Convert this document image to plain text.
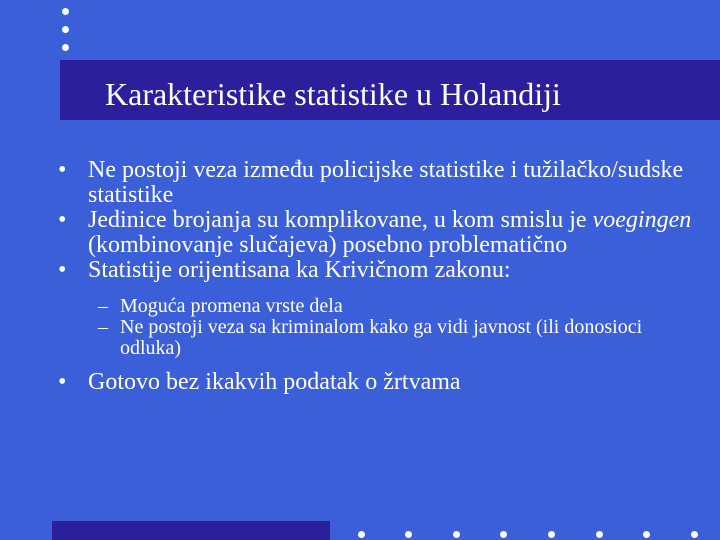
Karakteristike statistike u Holandiji
• Ne postoji veza između policijske statistike i tužilačko/sudske statistike
• Jedinice brojanja su komplikovane, u kom smislu je voegingen (kombinovanje slučajeva) posebno problematično
• Statistije orijentisana ka Krivičnom zakonu:
– Moguća promena vrste dela
– Ne postoji veza sa kriminalom kako ga vidi javnost (ili donosioci odluka)
• Gotovo bez ikakvih podatak o žrtvama
